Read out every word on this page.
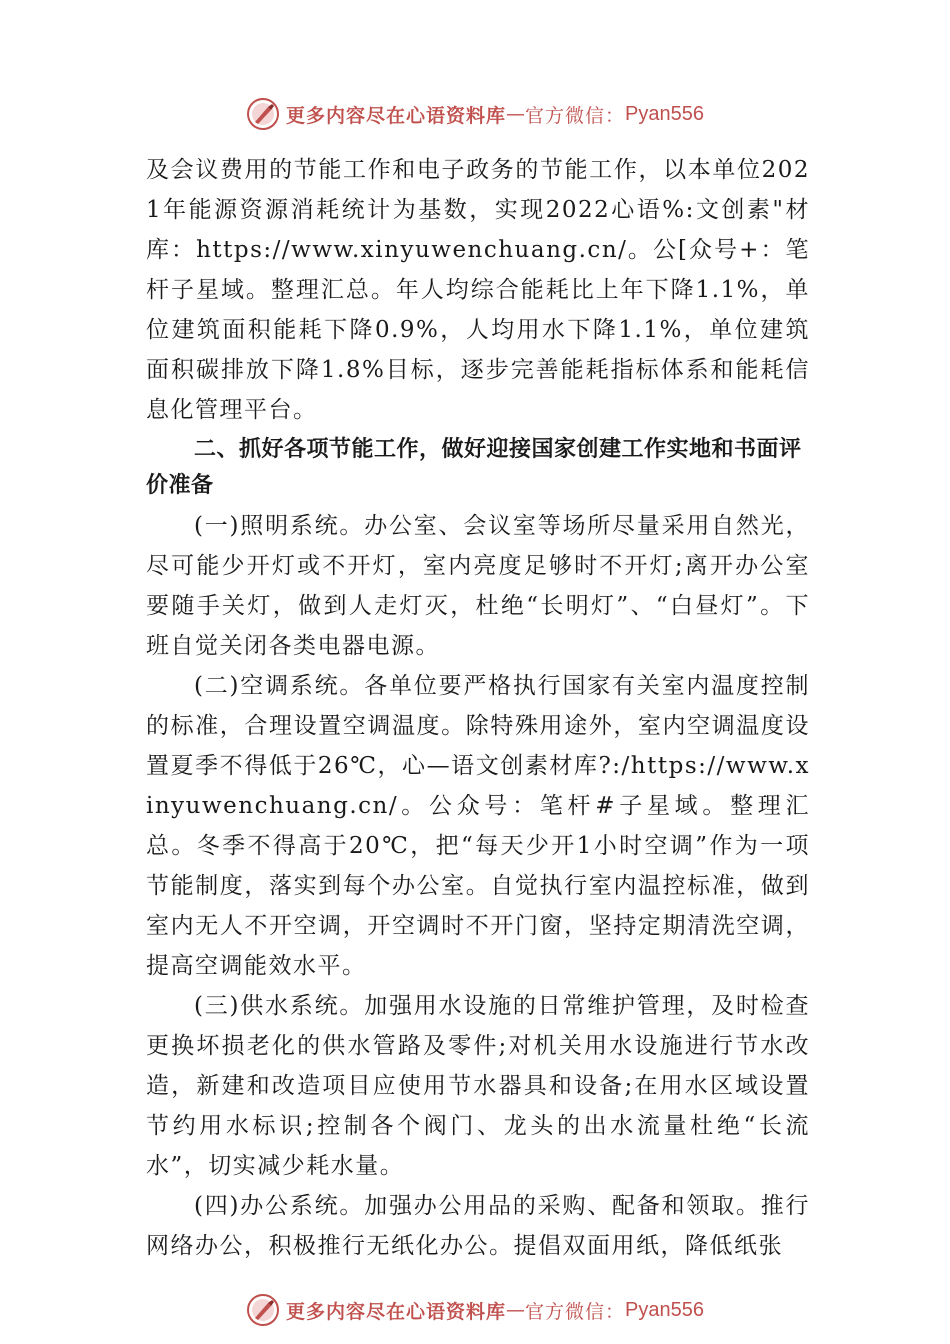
更多内容尽在心语资料库 — 官方微信： Pyan556

及会议费用的节能工作和电子政务的节能工作，以本单位2021年能源资源消耗统计为基数，实现2022心语%:文创素"材库：https://www.xinyuwenchuang.cn/。公[众号+：笔杆子星域。整理汇总。年人均综合能耗比上年下降1.1%，单位建筑面积能耗下降0.9%，人均用水下降1.1%，单位建筑面积碳排放下降1.8%目标，逐步完善能耗指标体系和能耗信息化管理平台。

二、抓好各项节能工作，做好迎接国家创建工作实地和书面评价准备

(一)照明系统。办公室、会议室等场所尽量采用自然光，尽可能少开灯或不开灯，室内亮度足够时不开灯;离开办公室要随手关灯，做到人走灯灭，杜绝“长明灯”、“白昼灯”。下班自觉关闭各类电器电源。

(二)空调系统。各单位要严格执行国家有关室内温度控制的标准，合理设置空调温度。除特殊用途外，室内空调温度设置夏季不得低于26℃，心—语文创素材库?:/https://www.xinyuwenchuang.cn/。公众号：笔杆#子星域。整理汇总。冬季不得高于20℃，把“每天少开1小时空调”作为一项节能制度，落实到每个办公室。自觉执行室内温控标准，做到室内无人不开空调，开空调时不开门窗，坚持定期清洗空调，提高空调能效水平。

(三)供水系统。加强用水设施的日常维护管理，及时检查更换坏损老化的供水管路及零件;对机关用水设施进行节水改造，新建和改造项目应使用节水器具和设备;在用水区域设置节约用水标识;控制各个阀门、龙头的出水流量杜绝“长流水”，切实减少耗水量。

(四)办公系统。加强办公用品的采购、配备和领取。推行网络办公，积极推行无纸化办公。提倡双面用纸，降低纸张

更多内容尽在心语资料库 — 官方微信： Pyan556
